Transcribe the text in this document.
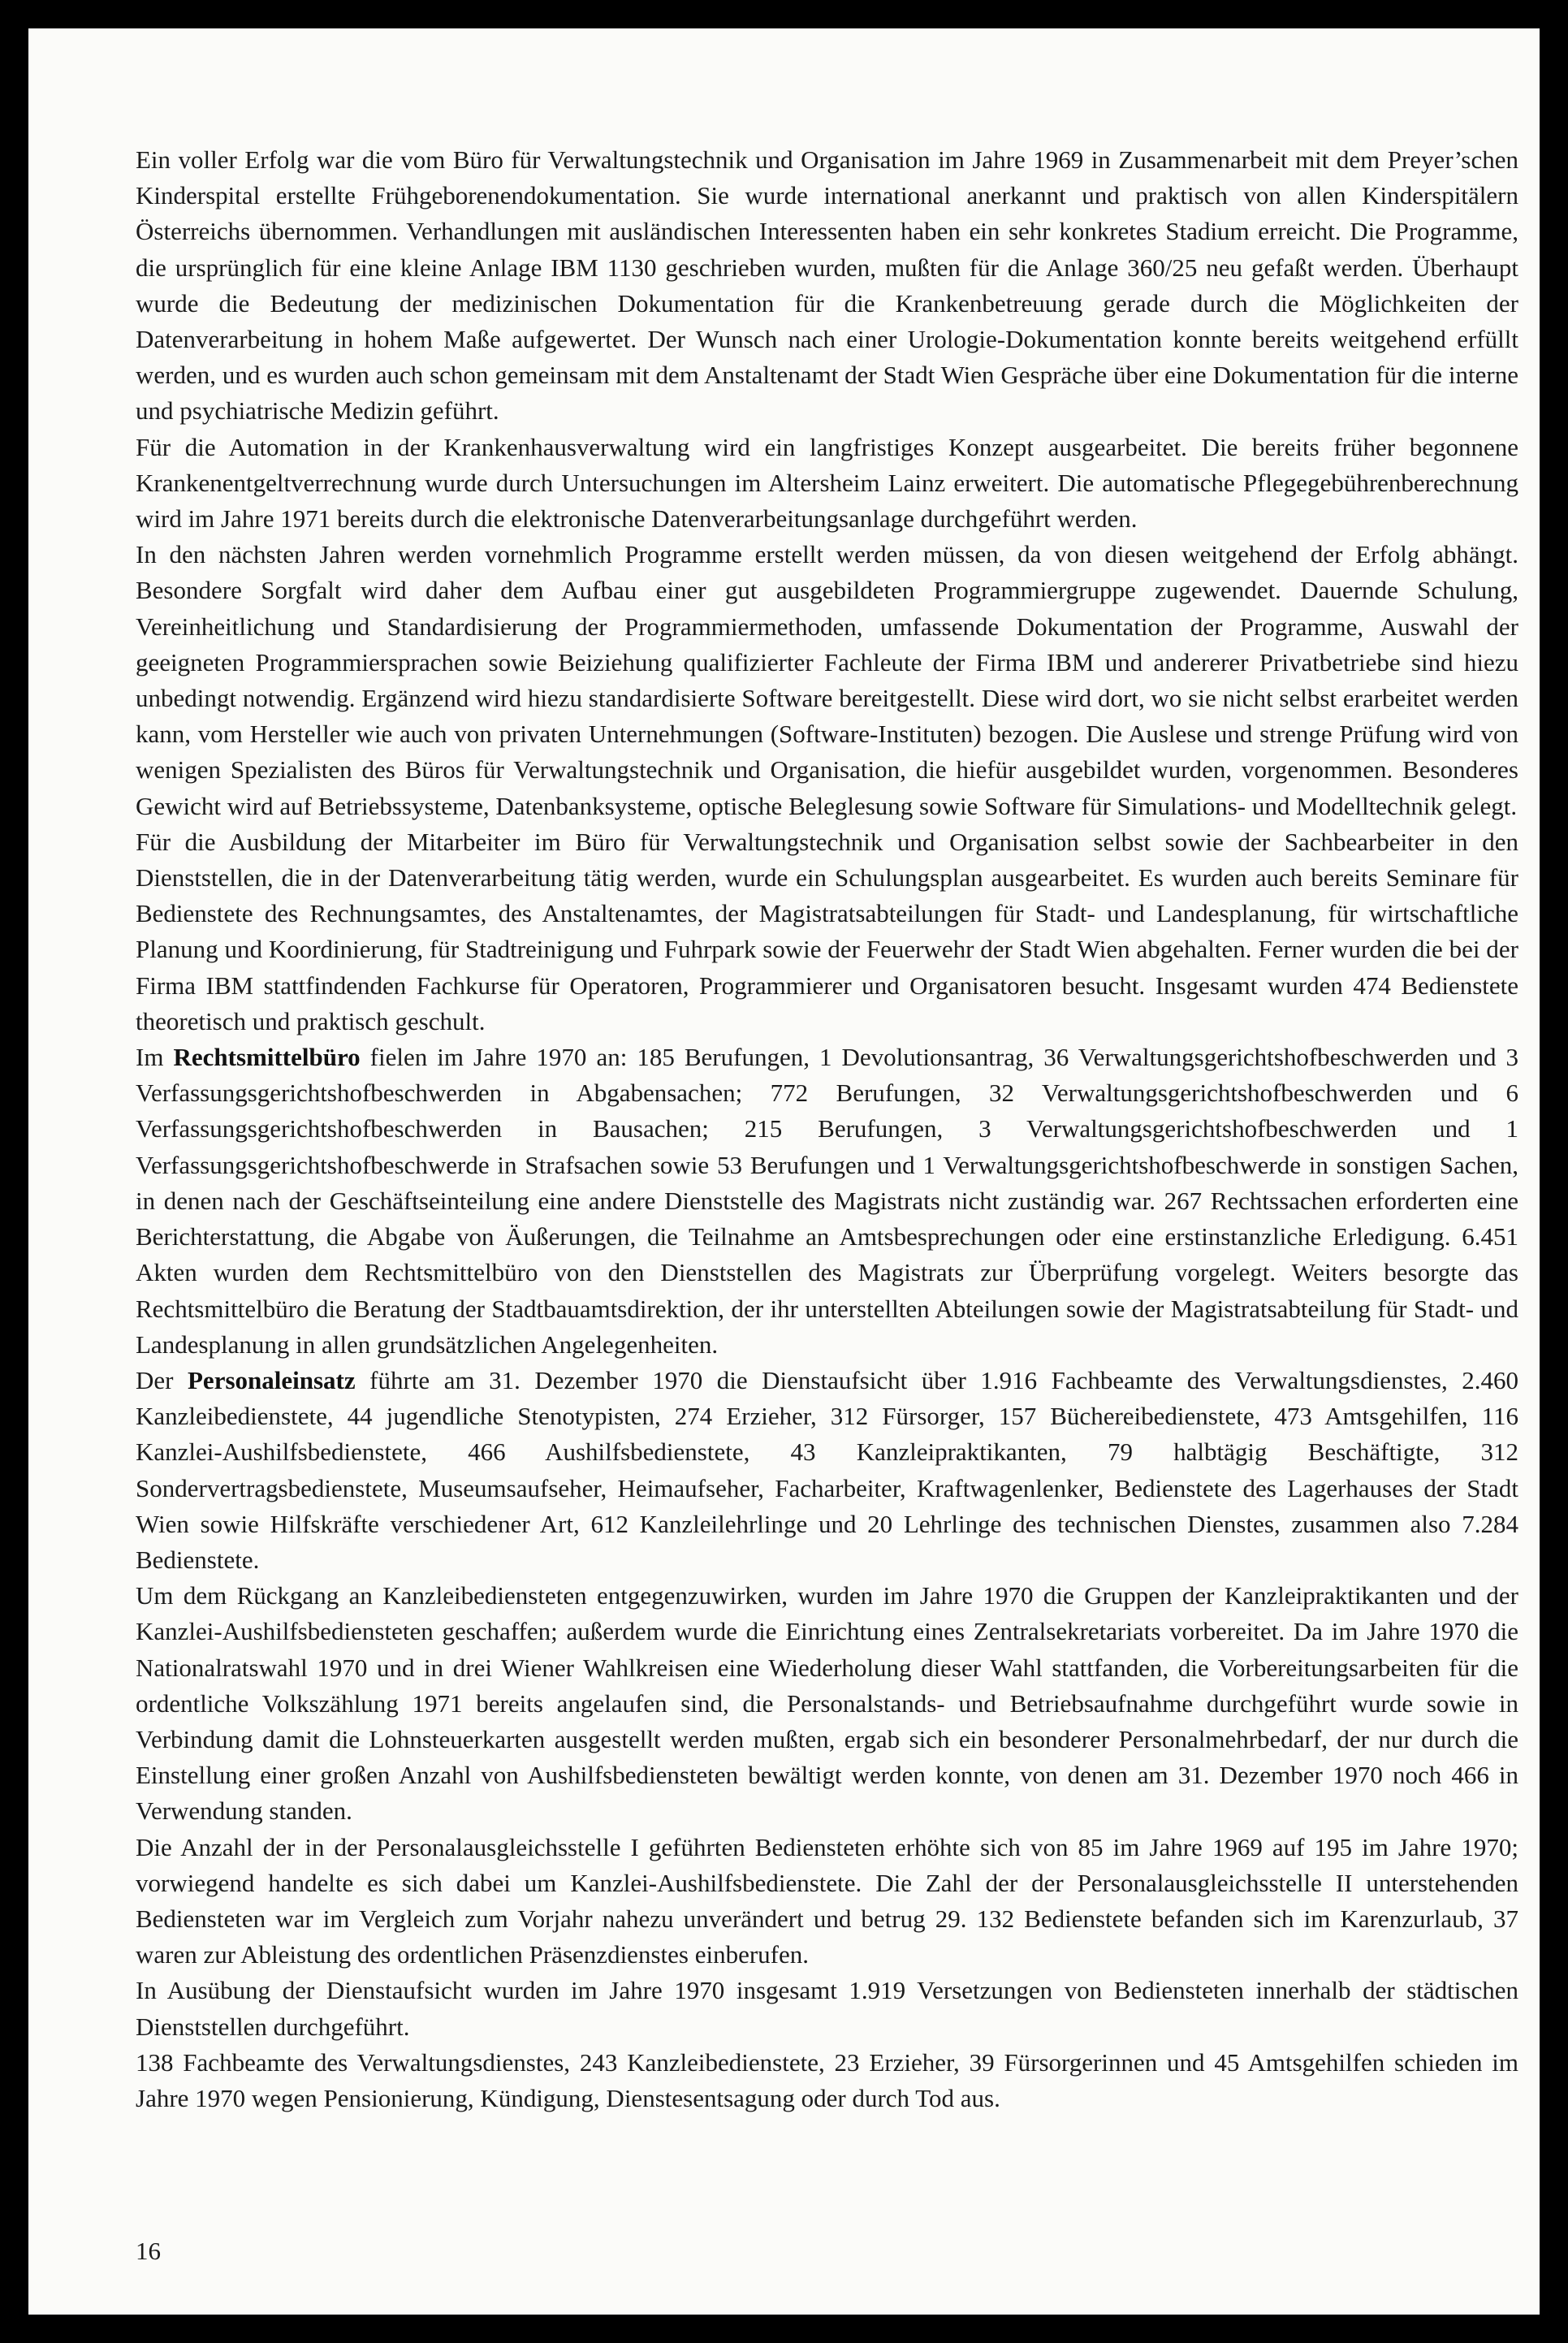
Ein voller Erfolg war die vom Büro für Verwaltungstechnik und Organisation im Jahre 1969 in Zusammenarbeit mit dem Preyer’schen Kinderspital erstellte Frühgeborenendokumentation. Sie wurde international anerkannt und praktisch von allen Kinderspitälern Österreichs übernommen. Verhandlungen mit ausländischen Interessenten haben ein sehr konkretes Stadium erreicht. Die Programme, die ursprünglich für eine kleine Anlage IBM 1130 geschrieben wurden, mußten für die Anlage 360/25 neu gefaßt werden. Überhaupt wurde die Bedeutung der medizinischen Dokumentation für die Krankenbetreuung gerade durch die Möglichkeiten der Datenverarbeitung in hohem Maße aufgewertet. Der Wunsch nach einer Urologie-Dokumentation konnte bereits weitgehend erfüllt werden, und es wurden auch schon gemeinsam mit dem Anstaltenamt der Stadt Wien Gespräche über eine Dokumentation für die interne und psychiatrische Medizin geführt.

Für die Automation in der Krankenhausverwaltung wird ein langfristiges Konzept ausgearbeitet. Die bereits früher begonnene Krankenentgeltverrechnung wurde durch Untersuchungen im Altersheim Lainz erweitert. Die automatische Pflegegebührenberechnung wird im Jahre 1971 bereits durch die elektronische Datenverarbeitungsanlage durchgeführt werden.

In den nächsten Jahren werden vornehmlich Programme erstellt werden müssen, da von diesen weitgehend der Erfolg abhängt. Besondere Sorgfalt wird daher dem Aufbau einer gut ausgebildeten Programmiergruppe zugewendet. Dauernde Schulung, Vereinheitlichung und Standardisierung der Programmiermethoden, umfassende Dokumentation der Programme, Auswahl der geeigneten Programmiersprachen sowie Beiziehung qualifizierter Fachleute der Firma IBM und andererer Privatbetriebe sind hiezu unbedingt notwendig. Ergänzend wird hiezu standardisierte Software bereitgestellt. Diese wird dort, wo sie nicht selbst erarbeitet werden kann, vom Hersteller wie auch von privaten Unternehmungen (Software-Instituten) bezogen. Die Auslese und strenge Prüfung wird von wenigen Spezialisten des Büros für Verwaltungstechnik und Organisation, die hiefür ausgebildet wurden, vorgenommen. Besonderes Gewicht wird auf Betriebssysteme, Datenbanksysteme, optische Beleglesung sowie Software für Simulations- und Modelltechnik gelegt.

Für die Ausbildung der Mitarbeiter im Büro für Verwaltungstechnik und Organisation selbst sowie der Sachbearbeiter in den Dienststellen, die in der Datenverarbeitung tätig werden, wurde ein Schulungsplan ausgearbeitet. Es wurden auch bereits Seminare für Bedienstete des Rechnungsamtes, des Anstaltenamtes, der Magistratsabteilungen für Stadt- und Landesplanung, für wirtschaftliche Planung und Koordinierung, für Stadtreinigung und Fuhrpark sowie der Feuerwehr der Stadt Wien abgehalten. Ferner wurden die bei der Firma IBM stattfindenden Fachkurse für Operatoren, Programmierer und Organisatoren besucht. Insgesamt wurden 474 Bedienstete theoretisch und praktisch geschult.

Im Rechtsmittelbüro fielen im Jahre 1970 an: 185 Berufungen, 1 Devolutionsantrag, 36 Verwaltungsgerichtshofbeschwerden und 3 Verfassungsgerichtshofbeschwerden in Abgabensachen; 772 Berufungen, 32 Verwaltungsgerichtshofbeschwerden und 6 Verfassungsgerichtshofbeschwerden in Bausachen; 215 Berufungen, 3 Verwaltungsgerichtshofbeschwerden und 1 Verfassungsgerichtshofbeschwerde in Strafsachen sowie 53 Berufungen und 1 Verwaltungsgerichtshofbeschwerde in sonstigen Sachen, in denen nach der Geschäftseinteilung eine andere Dienststelle des Magistrats nicht zuständig war. 267 Rechtssachen erforderten eine Berichterstattung, die Abgabe von Äußerungen, die Teilnahme an Amtsbesprechungen oder eine erstinstanzliche Erledigung. 6.451 Akten wurden dem Rechtsmittelbüro von den Dienststellen des Magistrats zur Überprüfung vorgelegt. Weiters besorgte das Rechtsmittelbüro die Beratung der Stadtbauamtsdirektion, der ihr unterstellten Abteilungen sowie der Magistratsabteilung für Stadt- und Landesplanung in allen grundsätzlichen Angelegenheiten.

Der Personaleinsatz führte am 31. Dezember 1970 die Dienstaufsicht über 1.916 Fachbeamte des Verwaltungsdienstes, 2.460 Kanzleibedienstete, 44 jugendliche Stenotypisten, 274 Erzieher, 312 Fürsorger, 157 Büchereibedienstete, 473 Amtsgehilfen, 116 Kanzlei-Aushilfsbedienstete, 466 Aushilfsbedienstete, 43 Kanzleipraktikanten, 79 halbtägig Beschäftigte, 312 Sondervertragsbedienstete, Museumsaufseher, Heimaufseher, Facharbeiter, Kraftwagenlenker, Bedienstete des Lagerhauses der Stadt Wien sowie Hilfskräfte verschiedener Art, 612 Kanzleilehrlinge und 20 Lehrlinge des technischen Dienstes, zusammen also 7.284 Bedienstete.

Um dem Rückgang an Kanzleibediensteten entgegenzuwirken, wurden im Jahre 1970 die Gruppen der Kanzleipraktikanten und der Kanzlei-Aushilfsbediensteten geschaffen; außerdem wurde die Einrichtung eines Zentralsekretariats vorbereitet. Da im Jahre 1970 die Nationalratswahl 1970 und in drei Wiener Wahlkreisen eine Wiederholung dieser Wahl stattfanden, die Vorbereitungsarbeiten für die ordentliche Volkszählung 1971 bereits angelaufen sind, die Personalstands- und Betriebsaufnahme durchgeführt wurde sowie in Verbindung damit die Lohnsteuerkarten ausgestellt werden mußten, ergab sich ein besonderer Personalmehrbedarf, der nur durch die Einstellung einer großen Anzahl von Aushilfsbediensteten bewältigt werden konnte, von denen am 31. Dezember 1970 noch 466 in Verwendung standen.

Die Anzahl der in der Personalausgleichsstelle I geführten Bediensteten erhöhte sich von 85 im Jahre 1969 auf 195 im Jahre 1970; vorwiegend handelte es sich dabei um Kanzlei-Aushilfsbedienstete. Die Zahl der der Personalausgleichsstelle II unterstehenden Bediensteten war im Vergleich zum Vorjahr nahezu unverändert und betrug 29. 132 Bedienstete befanden sich im Karenzurlaub, 37 waren zur Ableistung des ordentlichen Präsenzdienstes einberufen.

In Ausübung der Dienstaufsicht wurden im Jahre 1970 insgesamt 1.919 Versetzungen von Bediensteten innerhalb der städtischen Dienststellen durchgeführt.

138 Fachbeamte des Verwaltungsdienstes, 243 Kanzleibedienstete, 23 Erzieher, 39 Fürsorgerinnen und 45 Amtsgehilfen schieden im Jahre 1970 wegen Pensionierung, Kündigung, Dienstesentsagung oder durch Tod aus.

16
